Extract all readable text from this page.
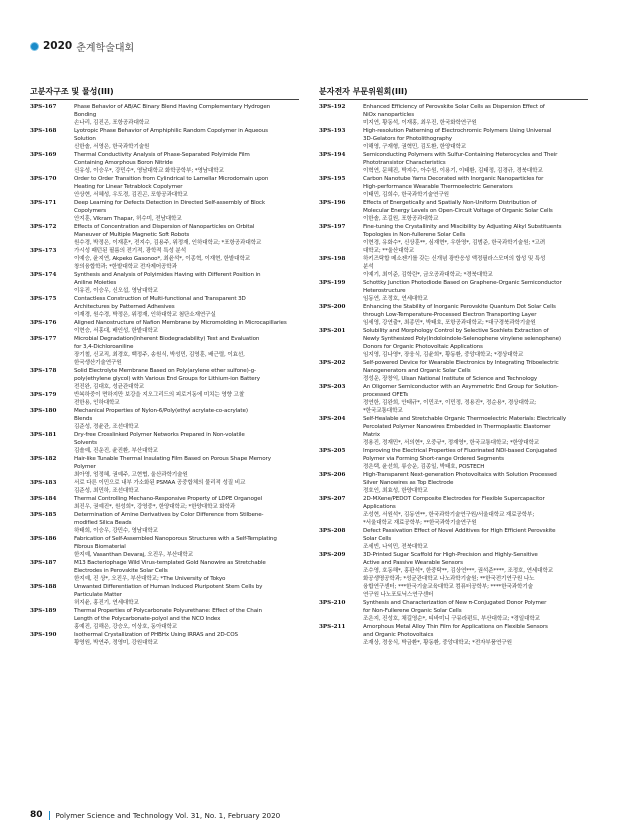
2020 춘계학술대회
고분자구조 및 물성(III)
3PS-167	Phase Behavior of AB/AC Binary Blend Having Complementary Hydrogen
Bonding
손나리, 김진곤, 포항공과대학교
3PS-168	Lyotropic Phase Behavior of Amphiphilic Random Copolymer in Aqueous
Solution
신한솔, 서영은, 한국과학기술원
3PS-169	Thermal Conductivity Analysis of Phase-Separated Polyimide Film
Containing Amorphous Boron Nitride
신유성, 이승우*, 강민수*, 영남대학교 화학공학부; *영남대학교
3PS-170	Order to Order Transition from Cylindrical to Lamellar Microdomain upon
Heating for Linear Tetrablock Copolymer
안상현, 서혜성, 우도경, 김진곤, 포항공과대학교
3PS-171	Deep Learning for Defects Detection in Directed Self-assembly of Block
Copolymers
안지훈, Vikram Thapar, 허수미, 전남대학교
3PS-172	Effects of Concentration and Dispersion of Nanoparticles on Orbital
Maneuver of Multiple Magnetic Soft Robots
원수경, 박정은, 이재훈*, 전지수, 김용주, 위정재, 인하대학교; *포항공과대학교
3PS-173	가시성 패턴된 필름의 전기적, 광학적 특성 분석
이예승, 윤지연, Akpeko Gasonoo*, 최윤석*, 이종혁, 이재현, 한밭대학교
창의융합학과; *한밭대학교 전자제어공학과
3PS-174	Synthesis and Analysis of Polyimides Having with Different Position in
Aniline Moieties
이유진, 이승우, 신오섭, 영남대학교
3PS-175	Contactless Construction of Multi-functional and Transparent 3D
Architectures by Patterned Adhesives
이재경, 원수경, 박정은, 위정재, 인하대학교 첨단소재연구실
3PS-176	Aligned Nanostructure of Nafion Membrane by Micromolding in Microcapillaries
이현승, 서홍대, 배인성, 한밭대학교
3PS-177	Microbial Degradation(Inherent Biodegradability) Test and Evaluation
for 3,4-Dichloroaniline
장기철, 신교직, 최경호, 백정주, 송원식, 박성민, 김영훈, 배근렬, 이효선,
한국생산기술연구원
3PS-178	Solid Electrolyte Membrane Based on Poly(arylene ether sulfone)-g-
poly(ethylene glycol) with Various End Groups for Lithium-ion Battery
전진완, 김대호, 성균관대학교
3PS-179	반복하중이 면하지만 보강을 지오그리드의 피로거동에 미치는 영향 고찰
전한용, 인하대학교
3PS-180	Mechanical Properties of Nylon-6/Poly(ethyl acrylate-co-acrylate)
Blends
김준성, 정윤관, 조선대학교
3PS-181	Dry-free Crosslinked Polymer Networks Prepared in Non-volatile
Solvents
김솔예, 진운진, 윤진환, 부산대학교
3PS-182	Hair-like Tunable Thermal Insulating Film Based on Porous Shape Memory
Polymer
최아영, 엄정혜, 권예주, 고현협, 울산과학기술원
3PS-183	서로 다른 이민으로 내부 가소화된 PSMAA 공중합체의 물리적 성질 비교
김준성, 최민하, 조선대학교
3PS-184	Thermal Controlling Mechano-Responsive Property of LDPE Organogel
최진우, 권예진*, 원성희*, 강영중*, 한양대학교; *한양대학교 화학과
3PS-185	Determination of Amine Derivatives by Color Difference from Stilbene-
modified Silica Beads
하태희, 이승우, 강민수, 영남대학교
3PS-186	Fabrication of Self-Assembled Nanoporous Structures with a Self-Templating
Fibrous Biomaterial
한지예, Vasanthan Devaraj, 오진우, 부산대학교
3PS-187	M13 Bacteriophage Wild Virus-templated Gold Nanowire as Stretchable
Electrodes in Perovskite Solar Cells
한지예, 진 상*, 오진우, 부산대학교; *The University of Tokyo
3PS-188	Unwanted Differentiation of Human Induced Pluripotent Stem Cells by
Particulate Matter
허지윤, 홍진기, 연세대학교
3PS-189	Thermal Properties of Polycarbonate Polyurethane: Effect of the Chain
Length of the Polycarbonate-polyol and the NCO Index
홍예진, 김해은, 강승오, 이상호, 동아대학교
3PS-190	Isothermal Crystallization of PHBHx Using IRRAS and 2D-COS
황영원, 박연주, 정영미, 강원대학교
분자전자 부문위원회(III)
3PS-192	Enhanced Efficiency of Perovskite Solar Cells as Dispersion Effect of
NiOx nanoparticles
미지연, 황동석, 이재홍, 최우진, 한국화학연구원
3PS-193	High-resolution Patterning of Electrochromic Polymers Using Universal
3D-Gelators for Photolithography
이해영, 구재형, 권혁민, 김도환, 한양대학교
3PS-194	Semiconducting Polymers with Sulfur-Containing Heterocycles and Their
Phototransistor Characteristics
이혁연, 문혜진, 박지수, 아수원, 이용기, 이태환, 김태정, 김경규, 경북대학교
3PS-195	Carbon Nanotube Yarns Decorated with Inorganic Nanoparticles for
High-performance Wearable Thermoelectric Generators
이태민, 김희수, 한국과학기술연구원
3PS-196	Effects of Energetically and Spatially Non-Uniform Distribution of
Molecular Energy Levels on Open-Circuit Voltage of Organic Solar Cells
이한솔, 조길원, 포항공과대학교
3PS-197	Fine-tuning the Crystallinity and Miscibility by Adjusting Alkyl Substituents
Topologies in Non-fullerene Solar Cells
이현경, 유화수*, 신상훈**, 심재현*, 우한영*, 김범준, 한국과학기술원; *고려
대학교; **울산대학교
3PS-198	하키즈탁합 메소젠기를 갖는 신개념 광반응성 액정필라스모머의 합성 및 특성
분석
이예기, 최이준, 김학린*, 금오공과대학교; *경북대학교
3PS-199	Schottky Junction Photodiode Based on Graphene-Organic Semiconductor
Heterostructure
임동연, 조정호, 연세대학교
3PS-200	Enhancing the Stability of Inorganic Perovskite Quantum Dot Solar Cells
through Low-Temperature-Processed Electron Transporting Layer
임세영, 강연출*, 최종민*, 박태호, 포항공과대학교; *대구경북과학기술원
3PS-201	Solubility and Morphology Control by Selective Soxhlets Extraction of
Newly Synthesized Poly(Indoloindole-Selenophene vinylene selenophene)
Donors for Organic Photovoltaic Applications
임지영, 김나영*, 장웅식, 김윤희*, 황동환, 중앙대학교; *경상대학교
3PS-202	Self-powered Device for Wearable Electronics by Integrating Triboelectric
Nanogenerators and Organic Solar Cells
정성운, 장창익, Ulsan National Institute of Science and Technology
3PS-203	An Oligomer Semiconductor with an Asymmetric End Group for Solution-
processed OFETs
정연한, 김완희, 안태규*, 이민조*, 이민정, 정용진*, 정순용*, 경상대학교;
*한국교통대학교
3PS-204	Self-Healable and Stretchable Organic Thermoelectric Materials: Electrically
Percolated Polymer Nanowires Embedded in Thermoplastic Elastomer
Matrix
정용진, 정재민*, 서의현*, 오중규*, 정재영*, 한국교통대학교; *한양대학교
3PS-205	Improving the Electrical Properties of Fluorinated NDI-based Conjugated
Polymer via Forming Short-range Ordered Segments
정은택, 윤선희, 류승운, 김종일, 박태호, POSTECH
3PS-206	High-Transparent Next-generation Photovoltaics with Solution Processed
Silver Nanowires as Top Electrode
정호인, 최효성, 한양대학교
3PS-207	2D-MXene/PEDOT Composite Electrodes for Flexible Supercapacitor
Applications
조성현, 서원석*, 김동연**, 한국과학기술연구원/서울대학교 재료공학부;
*서울대학교 재료공학부; **한국과학기술연구원
3PS-208	Defect Passivation Effect of Novel Additives for High Efficient Perovskite
Solar Cells
조세빈, 나익민, 전북대학교
3PS-209	3D-Printed Sugar Scaffold for High-Precision and Highly-Sensitive
Active and Passive Wearable Sensors
조수영, 호동해*, 홍판석*, 한중탁**, 김상연***, 권석준****, 조정호, 연세대학교
화공생명공학과; *성균관대학교 나노과학기술원; **한국전기연구원 나노
융합연구센터; ***한국기술교육대학교 컴퓨터공학부; ****한국과학기술
연구원 나노포토닉스연구센터
3PS-210	Synthesis and Characterization of New π-Conjugated Donor Polymer
for Non-Fullerene Organic Solar Cells
조은지, 진성호, 채길영순*, 티바미니 구뮤라펀트, 부산대학교; *경일대학교
3PS-211	Amorphous Metal Alloy Thin Film for Applications on Flexible Sensors
and Organic Photovoltaics
조재상, 정웅식, 박금환*, 황동환, 중앙대학교; *전자부품연구원
80 Polymer Science and Technology Vol. 31, No. 1, February 2020
